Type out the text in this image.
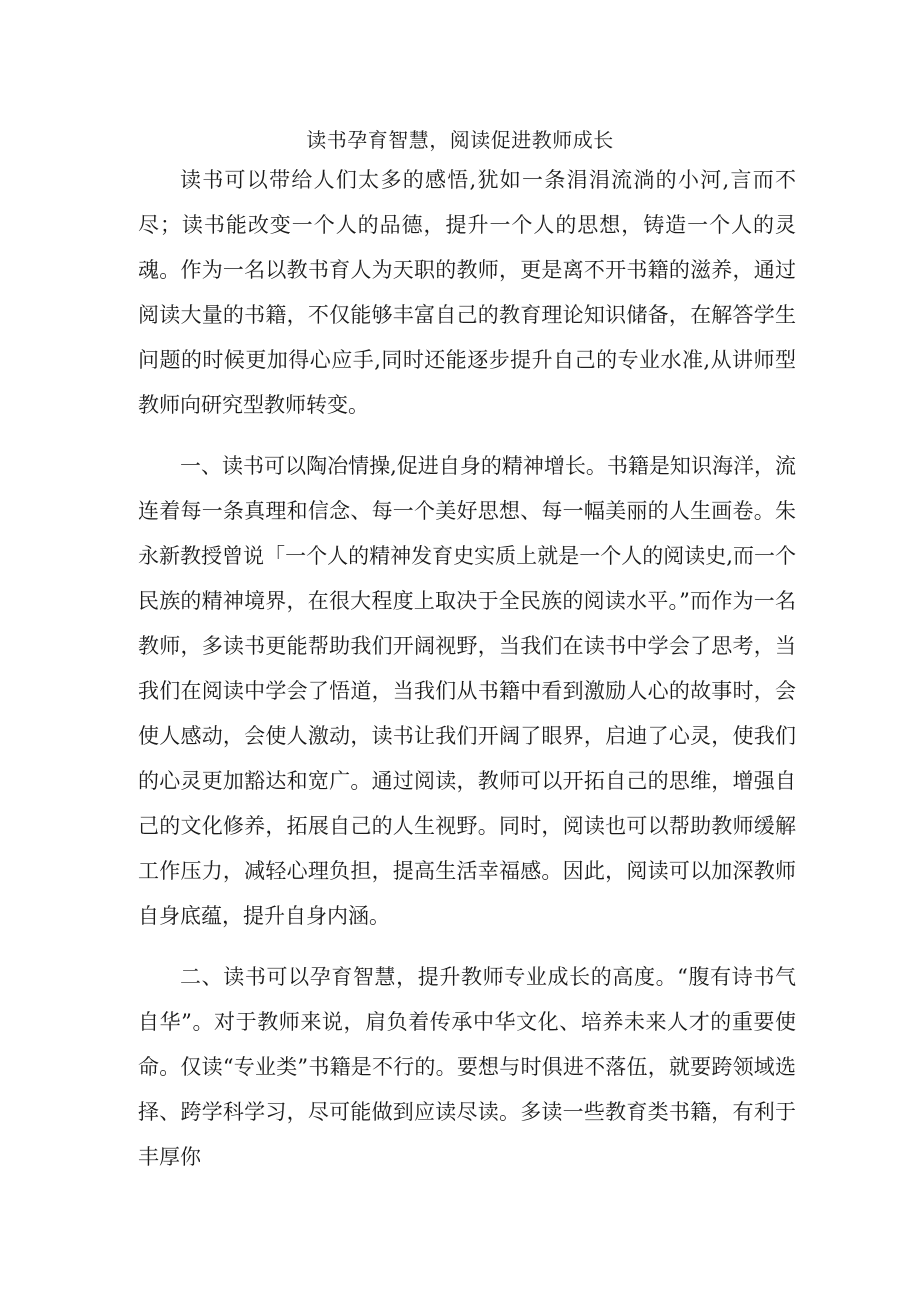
读书孕育智慧，阅读促进教师成长

读书可以带给人们太多的感悟,犹如一条涓涓流淌的小河,言而不尽；读书能改变一个人的品德，提升一个人的思想，铸造一个人的灵魂。作为一名以教书育人为天职的教师，更是离不开书籍的滋养，通过阅读大量的书籍，不仅能够丰富自己的教育理论知识储备，在解答学生问题的时候更加得心应手,同时还能逐步提升自己的专业水准,从讲师型教师向研究型教师转变。

一、读书可以陶冶情操,促进自身的精神增长。书籍是知识海洋，流连着每一条真理和信念、每一个美好思想、每一幅美丽的人生画卷。朱永新教授曾说「一个人的精神发育史实质上就是一个人的阅读史,而一个民族的精神境界，在很大程度上取决于全民族的阅读水平。”而作为一名教师，多读书更能帮助我们开阔视野，当我们在读书中学会了思考，当我们在阅读中学会了悟道，当我们从书籍中看到激励人心的故事时，会使人感动，会使人激动，读书让我们开阔了眼界，启迪了心灵，使我们的心灵更加豁达和宽广。通过阅读，教师可以开拓自己的思维，增强自己的文化修养，拓展自己的人生视野。同时，阅读也可以帮助教师缓解工作压力，减轻心理负担，提高生活幸福感。因此，阅读可以加深教师自身底蕴，提升自身内涵。

二、读书可以孕育智慧，提升教师专业成长的高度。“腹有诗书气自华”。对于教师来说，肩负着传承中华文化、培养未来人才的重要使命。仅读“专业类”书籍是不行的。要想与时俱进不落伍，就要跨领域选择、跨学科学习，尽可能做到应读尽读。多读一些教育类书籍，有利于丰厚你
